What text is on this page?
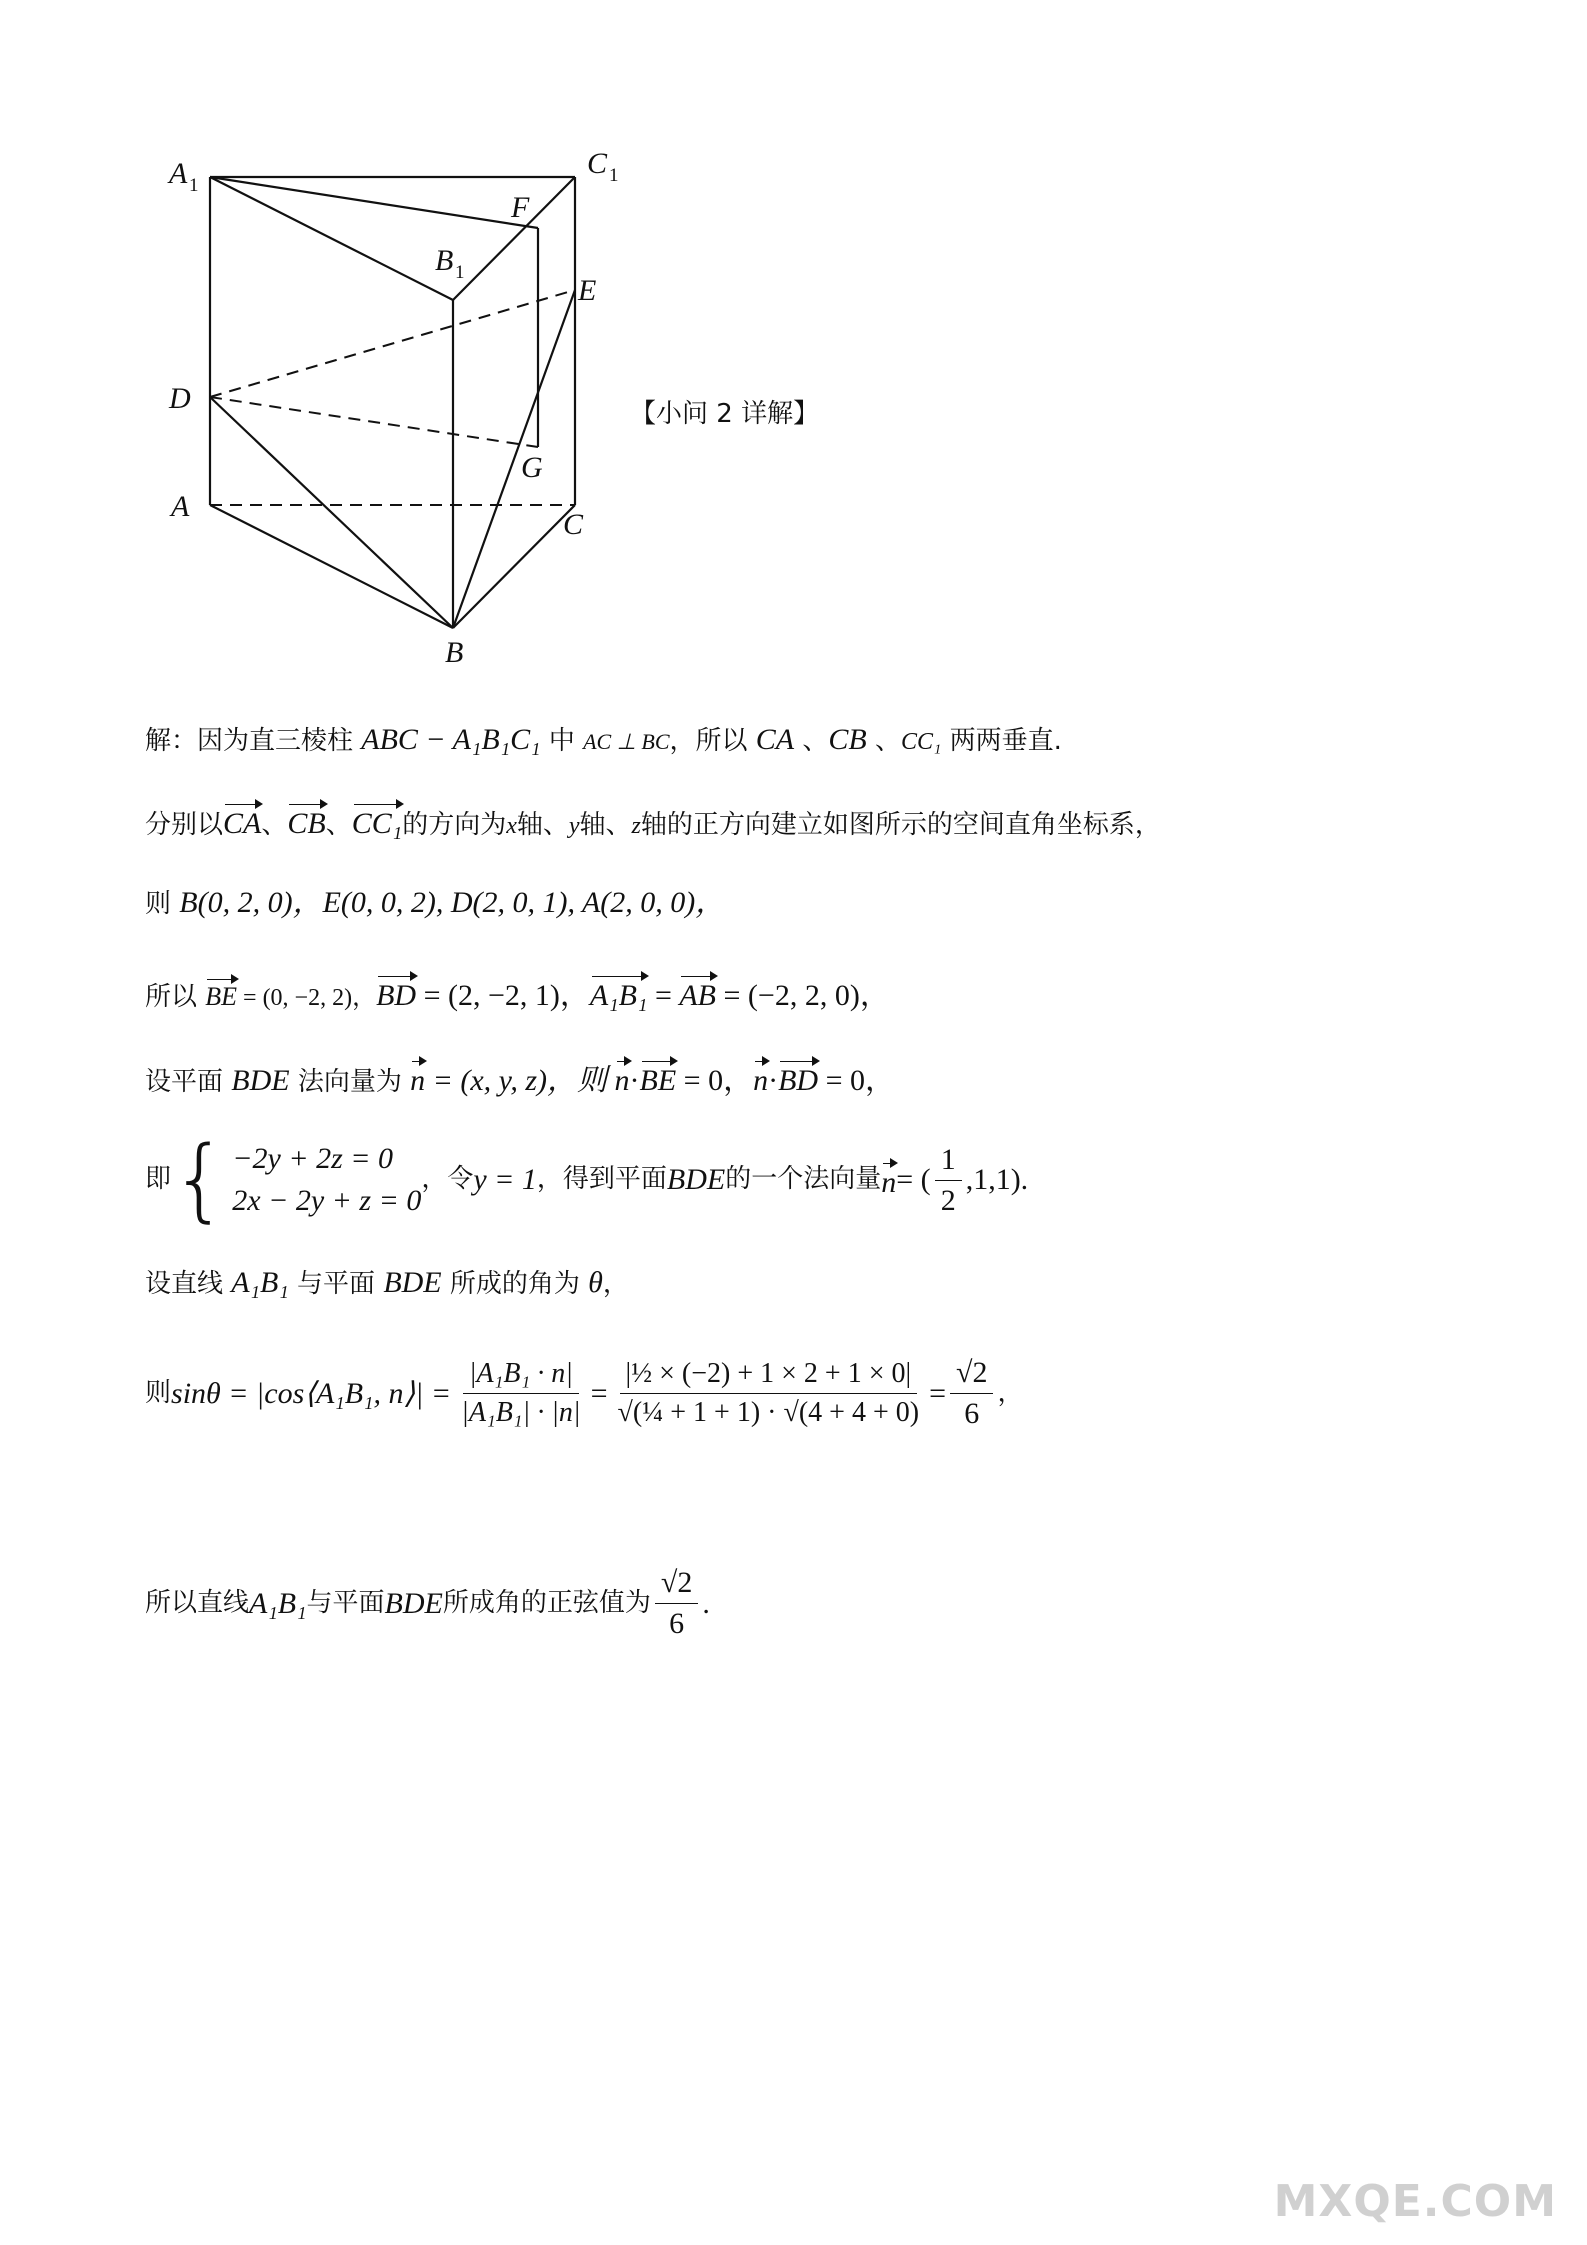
A 1
C 1
F
B 1
E
D
G
A
C
B
【小问 2 详解】
解：因为直三棱柱 ABC − A₁B₁C₁ 中 AC ⊥ BC，所以 CA 、CB 、CC₁ 两两垂直.
分别以CA、CB、CC₁的方向为x轴、y轴、z轴的正方向建立如图所示的空间直角坐标系，
则 B(0, 2, 0)，E(0, 0, 2), D(2, 0, 1), A(2, 0, 0)，
所以 BE = (0, −2, 2)，BD = (2, −2, 1)，A₁B₁ = AB = (−2, 2, 0)，
设平面 BDE 法向量为 n = (x, y, z)，则 n·BE = 0，n·BD = 0，
即 { −2y + 2z = 0
2x − 2y + z = 0
，令 y = 1 ，得到平面 BDE 的一个法向量 n = ( $\frac{1}{2} ,1,1$).
设直线 A₁B₁ 与平面 BDE 所成的角为 θ，
则 sinθ = |cos⟨A₁B₁, n⟩| = $\frac{\text{|A₁B₁ · n|}}{\text{|A₁B₁| · |n|}} = \frac{\text{|½ × (−2) + 1 × 2 + 1 × 0|}}{\text{√(¼ + 1 + 1) · √(4 + 4 + 0)}} = \frac{√2}{6}$ ，
所以直线 A₁B₁ 与平面 BDE 所成角的正弦值为 $\frac{√2}{6}$ .
MXQE.COM
